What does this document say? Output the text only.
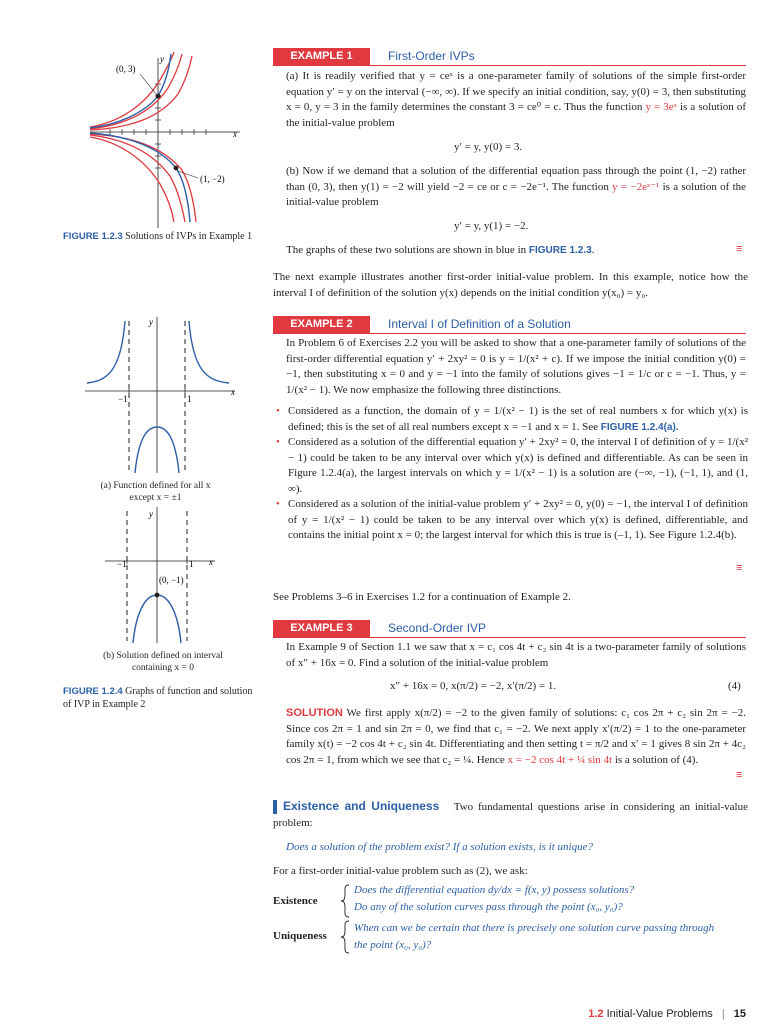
x
y
(0, 3)
(1, −2)

FIGURE 1.2.3 Solutions of IVPs in Example 1

EXAMPLE 1	First-Order IVPs

(a) It is readily verified that y = ceˣ is a one-parameter family of solutions of the simple first-order equation y′ = y on the interval (−∞, ∞). If we specify an initial condition, say, y(0) = 3, then substituting x = 0, y = 3 in the family determines the constant 3 = ce⁰ = c. Thus the function y = 3eˣ is a solution of the initial-value problem

y′ = y, y(0) = 3.

(b) Now if we demand that a solution of the differential equation pass through the point (1, −2) rather than (0, 3), then y(1) = −2 will yield −2 = ce or c = −2e⁻¹. The function y = −2eˣ⁻¹ is a solution of the initial-value problem

y′ = y, y(1) = −2.

The graphs of these two solutions are shown in blue in FIGURE 1.2.3.	≡

The next example illustrates another first-order initial-value problem. In this example, notice how the interval I of definition of the solution y(x) depends on the initial condition y(x₀) = y₀.

−1	1
x
y

(a) Function defined for all x except x = ±1

−1	1 x
y
(0, −1)

(b) Solution defined on interval containing x = 0

FIGURE 1.2.4 Graphs of function and solution of IVP in Example 2

EXAMPLE 2	Interval I of Definition of a Solution

In Problem 6 of Exercises 2.2 you will be asked to show that a one-parameter family of solutions of the first-order differential equation y′ + 2xy² = 0 is y = 1/(x² + c). If we impose the initial condition y(0) = −1, then substituting x = 0 and y = −1 into the family of solutions gives −1 = 1/c or c = −1. Thus, y = 1/(x² − 1). We now emphasize the following three distinctions.

• Considered as a function, the domain of y = 1/(x² − 1) is the set of real numbers x for which y(x) is defined; this is the set of all real numbers except x = −1 and x = 1. See FIGURE 1.2.4(a).
• Considered as a solution of the differential equation y′ + 2xy² = 0, the interval I of definition of y = 1/(x² − 1) could be taken to be any interval over which y(x) is defined and differentiable. As can be seen in Figure 1.2.4(a), the largest intervals on which y = 1/(x² − 1) is a solution are (−∞, −1), (−1, 1), and (1, ∞).
• Considered as a solution of the initial-value problem y′ + 2xy² = 0, y(0) = −1, the interval I of definition of y = 1/(x² − 1) could be taken to be any interval over which y(x) is defined, differentiable, and contains the initial point x = 0; the largest interval for which this is true is (–1, 1). See Figure 1.2.4(b).
≡

See Problems 3–6 in Exercises 1.2 for a continuation of Example 2.

EXAMPLE 3	Second-Order IVP

In Example 9 of Section 1.1 we saw that x = c₁ cos 4t + c₂ sin 4t is a two-parameter family of solutions of x″ + 16x = 0. Find a solution of the initial-value problem

x″ + 16x = 0, x(π/2) = −2, x′(π/2) = 1.	(4)

SOLUTION We first apply x(π/2) = −2 to the given family of solutions: c₁ cos 2π + c₂ sin 2π = −2. Since cos 2π = 1 and sin 2π = 0, we find that c₁ = −2. We next apply x′(π/2) = 1 to the one-parameter family x(t) = −2 cos 4t + c₂ sin 4t. Differentiating and then setting t = π/2 and x′ = 1 gives 8 sin 2π + 4c₂ cos 2π = 1, from which we see that c₂ = ¼. Hence x = −2 cos 4t + ¼ sin 4t is a solution of (4).

≡

Existence and Uniqueness Two fundamental questions arise in considering an initial-value problem:

Does a solution of the problem exist? If a solution exists, is it unique?

For a first-order initial-value problem such as (2), we ask:

Existence
Does the differential equation dy/dx = f(x, y) possess solutions?
Do any of the solution curves pass through the point (x₀, y₀)?
Uniqueness
When can we be certain that there is precisely one solution curve passing through
the point (x₀, y₀)?
1.2 Initial-Value Problems | 15
